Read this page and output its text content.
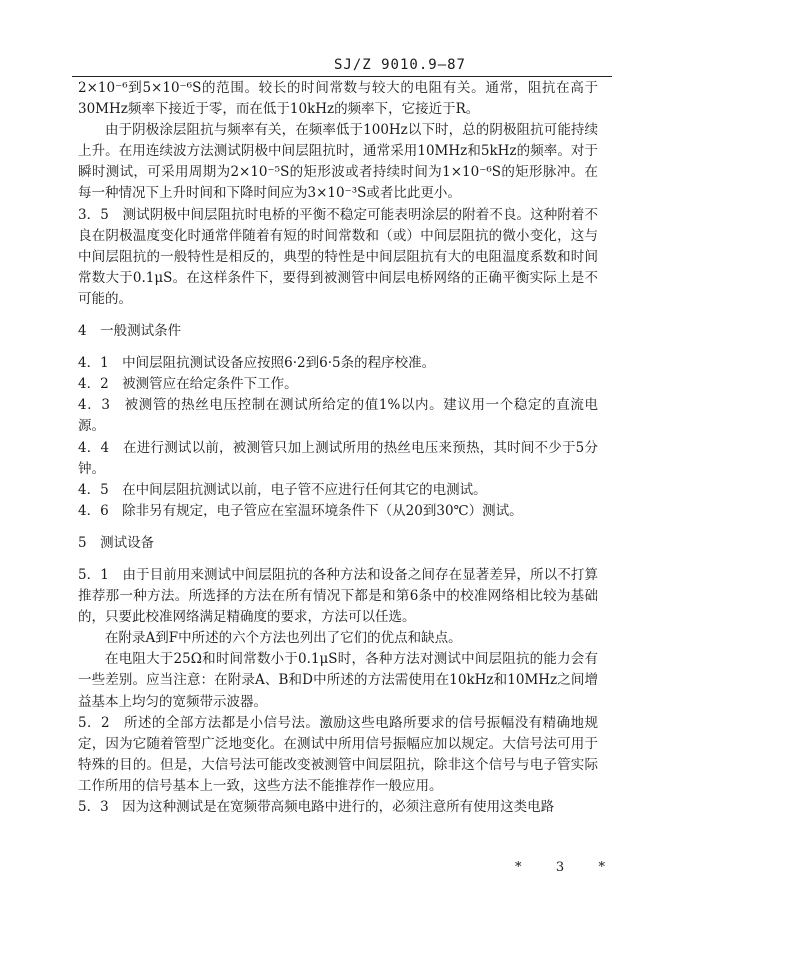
SJ/Z 9010.9—87

2×10⁻⁶到5×10⁻⁶S的范围。较长的时间常数与较大的电阻有关。通常，阻抗在高于30MHz频率下接近于零，而在低于10kHz的频率下，它接近于R。

由于阴极涂层阻抗与频率有关，在频率低于100Hz以下时，总的阴极阻抗可能持续上升。在用连续波方法测试阴极中间层阻抗时，通常采用10MHz和5kHz的频率。对于瞬时测试，可采用周期为2×10⁻⁵S的矩形波或者持续时间为1×10⁻⁶S的矩形脉冲。在每一种情况下上升时间和下降时间应为3×10⁻³S或者比此更小。

3．5　测试阴极中间层阻抗时电桥的平衡不稳定可能表明涂层的附着不良。这种附着不良在阴极温度变化时通常伴随着有短的时间常数和（或）中间层阻抗的微小变化，这与中间层阻抗的一般特性是相反的，典型的特性是中间层阻抗有大的电阻温度系数和时间常数大于0.1μS。在这样条件下，要得到被测管中间层电桥网络的正确平衡实际上是不可能的。

4　一般测试条件

4．1　中间层阻抗测试设备应按照6·2到6·5条的程序校准。

4．2　被测管应在给定条件下工作。

4．3　被测管的热丝电压控制在测试所给定的值1%以内。建议用一个稳定的直流电源。

4．4　在进行测试以前，被测管只加上测试所用的热丝电压来预热，其时间不少于5分钟。

4．5　在中间层阻抗测试以前，电子管不应进行任何其它的电测试。

4．6　除非另有规定，电子管应在室温环境条件下（从20到30℃）测试。

5　测试设备

5．1　由于目前用来测试中间层阻抗的各种方法和设备之间存在显著差异，所以不打算推荐那一种方法。所选择的方法在所有情况下都是和第6条中的校准网络相比较为基础的，只要此校准网络满足精确度的要求，方法可以任选。

在附录A到F中所述的六个方法也列出了它们的优点和缺点。

在电阻大于25Ω和时间常数小于0.1μS时，各种方法对测试中间层阻抗的能力会有一些差别。应当注意：在附录A、B和D中所述的方法需使用在10kHz和10MHz之间增益基本上均匀的宽频带示波器。

5．2　所述的全部方法都是小信号法。激励这些电路所要求的信号振幅没有精确地规定，因为它随着管型广泛地变化。在测试中所用信号振幅应加以规定。大信号法可用于特殊的目的。但是，大信号法可能改变被测管中间层阻抗，除非这个信号与电子管实际工作所用的信号基本上一致，这些方法不能推荐作一般应用。

5．3　因为这种测试是在宽频带高频电路中进行的，必须注意所有使用这类电路

*	3	*
